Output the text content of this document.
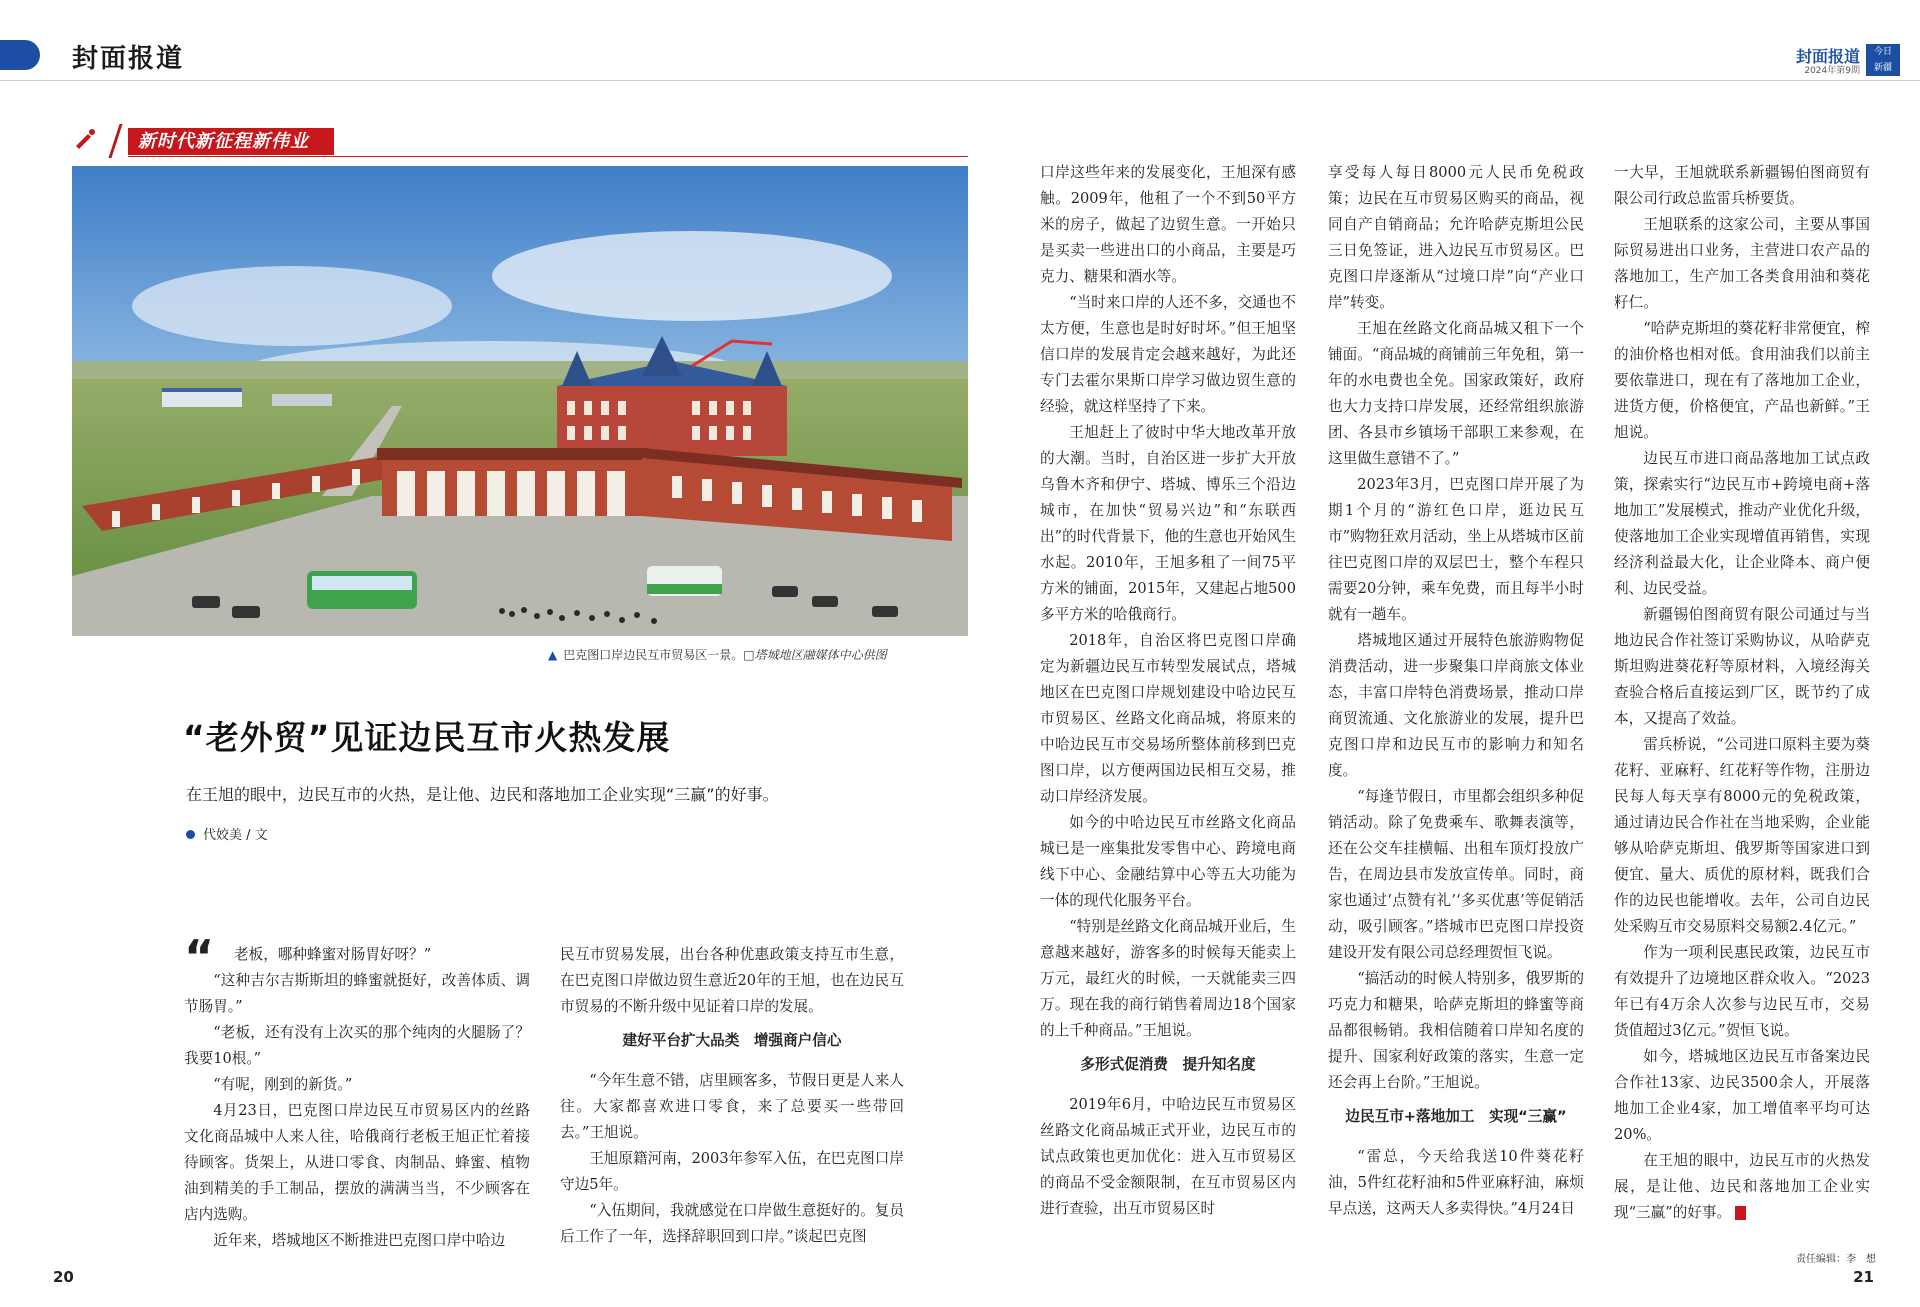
封面报道	封面报道
2024年第9期
今日
新疆
新时代新征程新伟业
▲ 巴克图口岸边民互市贸易区一景。□塔城地区融媒体中心供图
“老外贸”见证边民互市火热发展
在王旭的眼中，边民互市的火热，是让他、边民和落地加工企业实现“三赢”的好事。
代姣美 / 文
“	老板，哪种蜂蜜对肠胃好呀？”

“这种吉尔吉斯斯坦的蜂蜜就挺好，改善体质、调节肠胃。”

“老板，还有没有上次买的那个纯肉的火腿肠了？我要10根。”

“有呢，刚到的新货。”

4月23日，巴克图口岸边民互市贸易区内的丝路文化商品城中人来人往，哈俄商行老板王旭正忙着接待顾客。货架上，从进口零食、肉制品、蜂蜜、植物油到精美的手工制品，摆放的满满当当，不少顾客在店内选购。

近年来，塔城地区不断推进巴克图口岸中哈边

民互市贸易发展，出台各种优惠政策支持互市生意，在巴克图口岸做边贸生意近20年的王旭，也在边民互市贸易的不断升级中见证着口岸的发展。

建好平台扩大品类　增强商户信心

“今年生意不错，店里顾客多，节假日更是人来人往。大家都喜欢进口零食，来了总要买一些带回去。”王旭说。

王旭原籍河南，2003年参军入伍，在巴克图口岸守边5年。

“入伍期间，我就感觉在口岸做生意挺好的。复员后工作了一年，选择辞职回到口岸。”谈起巴克图

口岸这些年来的发展变化，王旭深有感触。2009年，他租了一个不到50平方米的房子，做起了边贸生意。一开始只是买卖一些进出口的小商品，主要是巧克力、糖果和酒水等。

“当时来口岸的人还不多，交通也不太方便，生意也是时好时坏。”但王旭坚信口岸的发展肯定会越来越好，为此还专门去霍尔果斯口岸学习做边贸生意的经验，就这样坚持了下来。

王旭赶上了彼时中华大地改革开放的大潮。当时，自治区进一步扩大开放乌鲁木齐和伊宁、塔城、博乐三个沿边城市，在加快“贸易兴边”和“东联西出”的时代背景下，他的生意也开始风生水起。2010年，王旭多租了一间75平方米的铺面，2015年，又建起占地500多平方米的哈俄商行。

2018年，自治区将巴克图口岸确定为新疆边民互市转型发展试点，塔城地区在巴克图口岸规划建设中哈边民互市贸易区、丝路文化商品城，将原来的中哈边民互市交易场所整体前移到巴克图口岸，以方便两国边民相互交易，推动口岸经济发展。

如今的中哈边民互市丝路文化商品城已是一座集批发零售中心、跨境电商线下中心、金融结算中心等五大功能为一体的现代化服务平台。

“特别是丝路文化商品城开业后，生意越来越好，游客多的时候每天能卖上万元，最红火的时候，一天就能卖三四万。现在我的商行销售着周边18个国家的上千种商品。”王旭说。

多形式促消费　提升知名度

2019年6月，中哈边民互市贸易区丝路文化商品城正式开业，边民互市的试点政策也更加优化：进入互市贸易区的商品不受金额限制，在互市贸易区内进行查验，出互市贸易区时

享受每人每日8000元人民币免税政策；边民在互市贸易区购买的商品，视同自产自销商品；允许哈萨克斯坦公民三日免签证，进入边民互市贸易区。巴克图口岸逐渐从“过境口岸”向“产业口岸”转变。

王旭在丝路文化商品城又租下一个铺面。“商品城的商铺前三年免租，第一年的水电费也全免。国家政策好，政府也大力支持口岸发展，还经常组织旅游团、各县市乡镇场干部职工来参观，在这里做生意错不了。”

2023年3月，巴克图口岸开展了为期1个月的“游红色口岸，逛边民互市”购物狂欢月活动，坐上从塔城市区前往巴克图口岸的双层巴士，整个车程只需要20分钟，乘车免费，而且每半小时就有一趟车。

塔城地区通过开展特色旅游购物促消费活动，进一步聚集口岸商旅文体业态，丰富口岸特色消费场景，推动口岸商贸流通、文化旅游业的发展，提升巴克图口岸和边民互市的影响力和知名度。

“每逢节假日，市里都会组织多种促销活动。除了免费乘车、歌舞表演等，还在公交车挂横幅、出租车顶灯投放广告，在周边县市发放宣传单。同时，商家也通过‘点赞有礼’‘多买优惠’等促销活动，吸引顾客。”塔城市巴克图口岸投资建设开发有限公司总经理贺恒飞说。

“搞活动的时候人特别多，俄罗斯的巧克力和糖果，哈萨克斯坦的蜂蜜等商品都很畅销。我相信随着口岸知名度的提升、国家利好政策的落实，生意一定还会再上台阶。”王旭说。

边民互市+落地加工　实现“三赢”

“雷总，今天给我送10件葵花籽油，5件红花籽油和5件亚麻籽油，麻烦早点送，这两天人多卖得快。”4月24日

一大早，王旭就联系新疆锡伯图商贸有限公司行政总监雷兵桥要货。

王旭联系的这家公司，主要从事国际贸易进出口业务，主营进口农产品的落地加工，生产加工各类食用油和葵花籽仁。

“哈萨克斯坦的葵花籽非常便宜，榨的油价格也相对低。食用油我们以前主要依靠进口，现在有了落地加工企业，进货方便，价格便宜，产品也新鲜。”王旭说。

边民互市进口商品落地加工试点政策，探索实行“边民互市+跨境电商+落地加工”发展模式，推动产业优化升级，使落地加工企业实现增值再销售，实现经济利益最大化，让企业降本、商户便利、边民受益。

新疆锡伯图商贸有限公司通过与当地边民合作社签订采购协议，从哈萨克斯坦购进葵花籽等原材料，入境经海关查验合格后直接运到厂区，既节约了成本，又提高了效益。

雷兵桥说，“公司进口原料主要为葵花籽、亚麻籽、红花籽等作物，注册边民每人每天享有8000元的免税政策，通过请边民合作社在当地采购，企业能够从哈萨克斯坦、俄罗斯等国家进口到便宜、量大、质优的原材料，既我们合作的边民也能增收。去年，公司自边民处采购互市交易原料交易额2.4亿元。”

作为一项利民惠民政策，边民互市有效提升了边境地区群众收入。“2023年已有4万余人次参与边民互市，交易货值超过3亿元。”贺恒飞说。

如今，塔城地区边民互市备案边民合作社13家、边民3500余人，开展落地加工企业4家，加工增值率平均可达20%。

在王旭的眼中，边民互市的火热发展，是让他、边民和落地加工企业实现“三赢”的好事。

20
责任编辑：李　想
21
